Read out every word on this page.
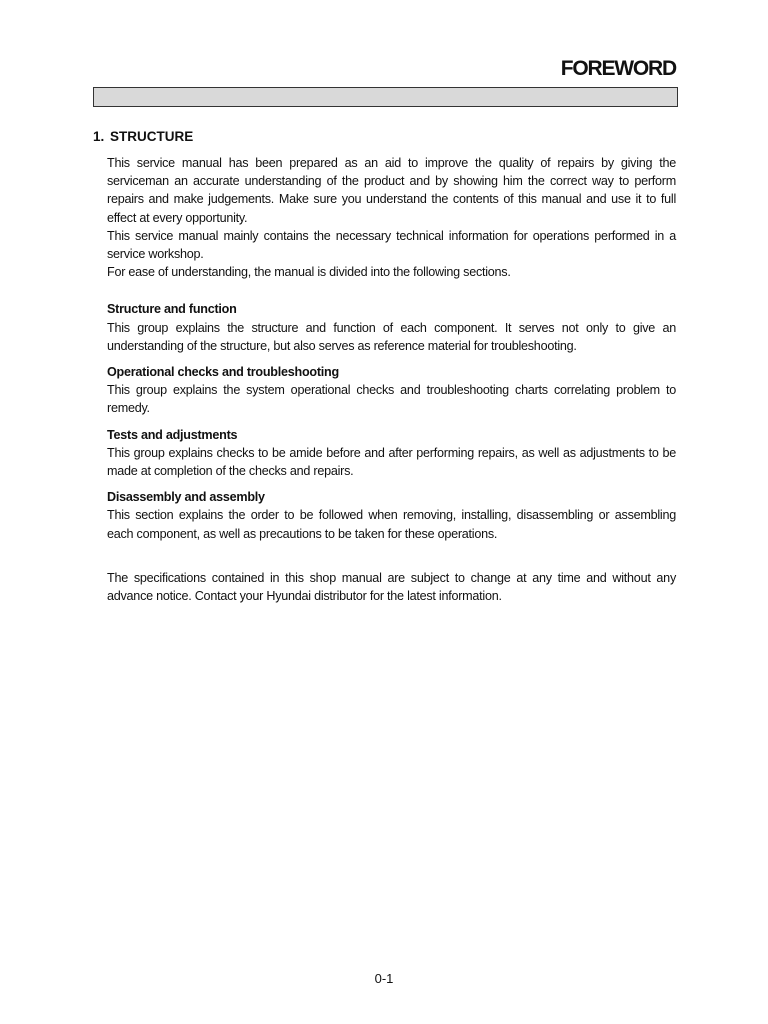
FOREWORD
1. STRUCTURE

This service manual has been prepared as an aid to improve the quality of repairs by giving the serviceman an accurate understanding of the product and by showing him the correct way to perform repairs and make judgements. Make sure you understand the contents of this manual and use it to full effect at every opportunity.

This service manual mainly contains the necessary technical information for operations performed in a service workshop.

For ease of understanding, the manual is divided into the following sections.

Structure and function

This group explains the structure and function of each component. It serves not only to give an understanding of the structure, but also serves as reference material for troubleshooting.

Operational checks and troubleshooting

This group explains the system operational checks and troubleshooting charts correlating problem to remedy.

Tests and adjustments

This group explains checks to be amide before and after performing repairs, as well as adjustments to be made at completion of the checks and repairs.

Disassembly and assembly

This section explains the order to be followed when removing, installing, disassembling or assembling each component, as well as precautions to be taken for these operations.

The specifications contained in this shop manual are subject to change at any time and without any advance notice. Contact your Hyundai distributor for the latest information.

0-1
